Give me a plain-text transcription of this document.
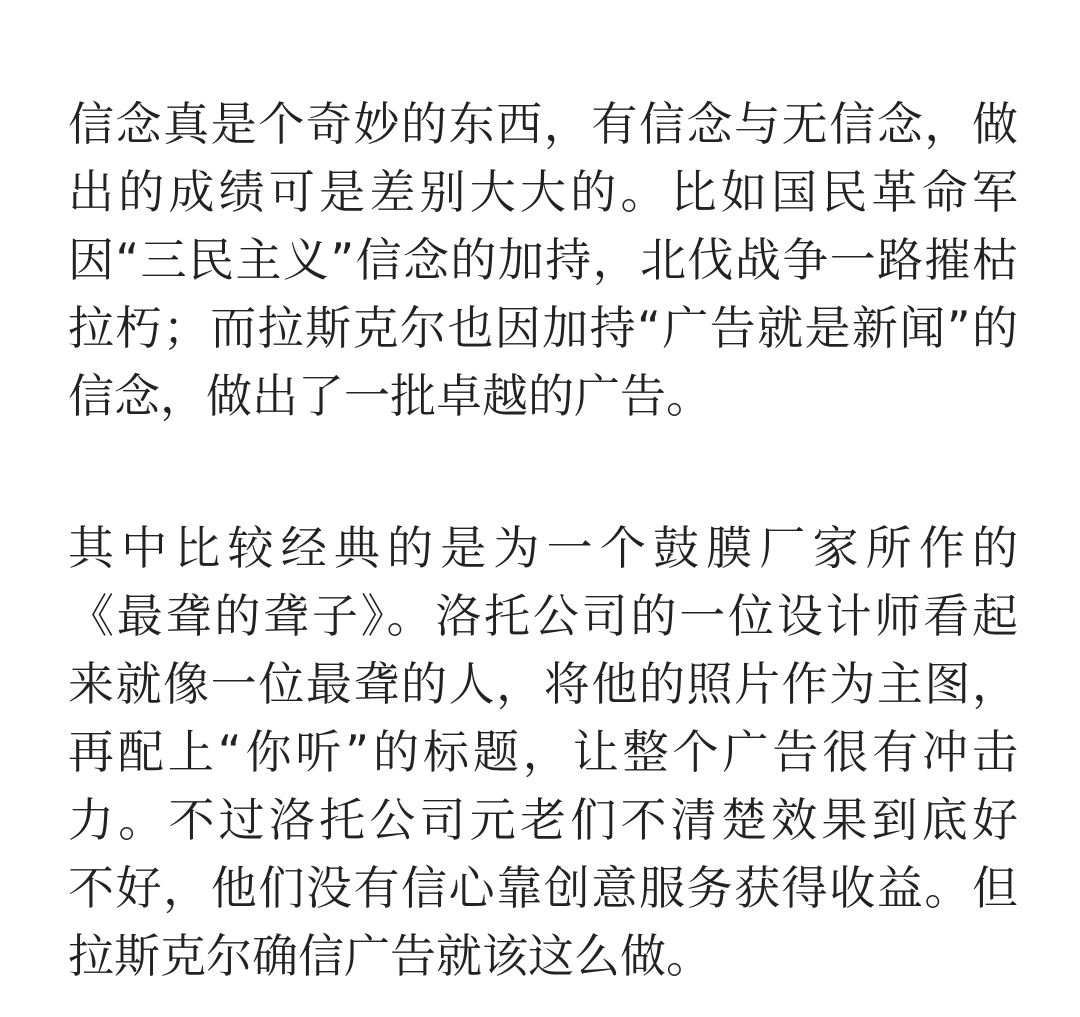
信念真是个奇妙的东西，有信念与无信念，做
出的成绩可是差别大大的。比如国民革命军
因“三民主义”信念的加持，北伐战争一路摧枯
拉朽；而拉斯克尔也因加持“广告就是新闻”的
信念，做出了一批卓越的广告。
其中比较经典的是为一个鼓膜厂家所作的
《最聋的聋子》。洛托公司的一位设计师看起
来就像一位最聋的人，将他的照片作为主图，
再配上“你听”的标题，让整个广告很有冲击
力。不过洛托公司元老们不清楚效果到底好
不好，他们没有信心靠创意服务获得收益。但
拉斯克尔确信广告就该这么做。
